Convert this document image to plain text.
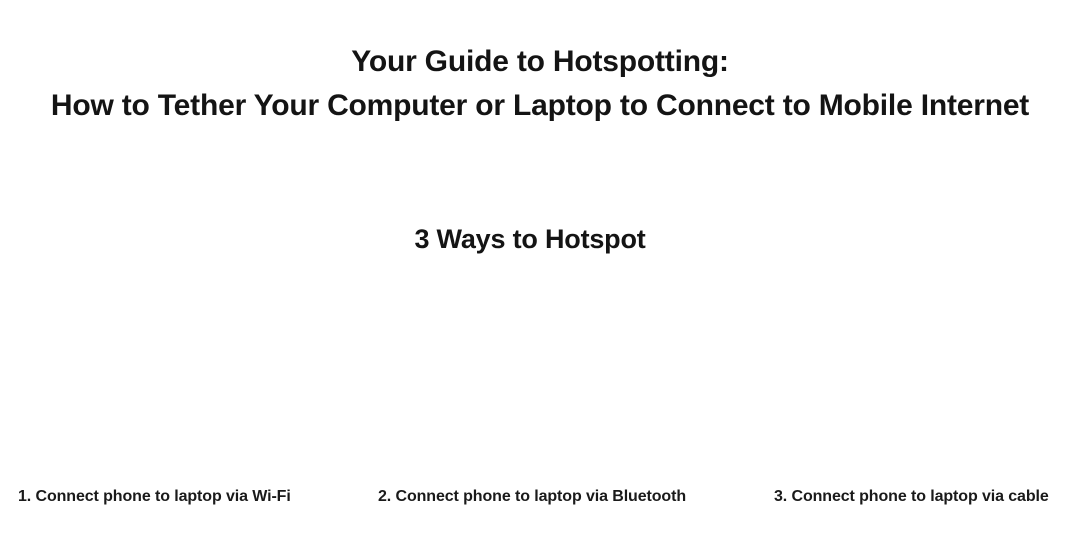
Your Guide to Hotspotting:
How to Tether Your Computer or Laptop to Connect to Mobile Internet
3 Ways to Hotspot
1. Connect phone to laptop via Wi-Fi	2. Connect phone to laptop via Bluetooth	3. Connect phone to laptop via cable
